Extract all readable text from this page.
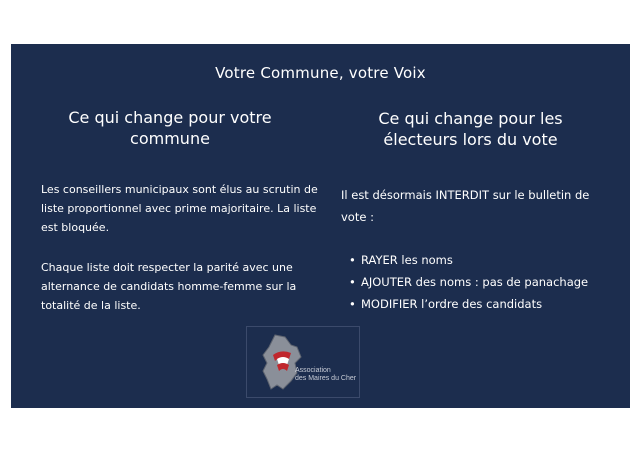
Votre Commune, votre Voix
Ce qui change pour votre commune

Les conseillers municipaux sont élus au scrutin de liste proportionnel avec prime majoritaire. La liste est bloquée.

Chaque liste doit respecter la parité avec une alternance de candidats homme-femme sur la totalité de la liste.

Ce qui change pour les électeurs lors du vote

Il est désormais INTERDIT sur le bulletin de vote :

• RAYER les noms
• AJOUTER des noms : pas de panachage
• MODIFIER l’ordre des candidats
Association
des Maires du Cher
